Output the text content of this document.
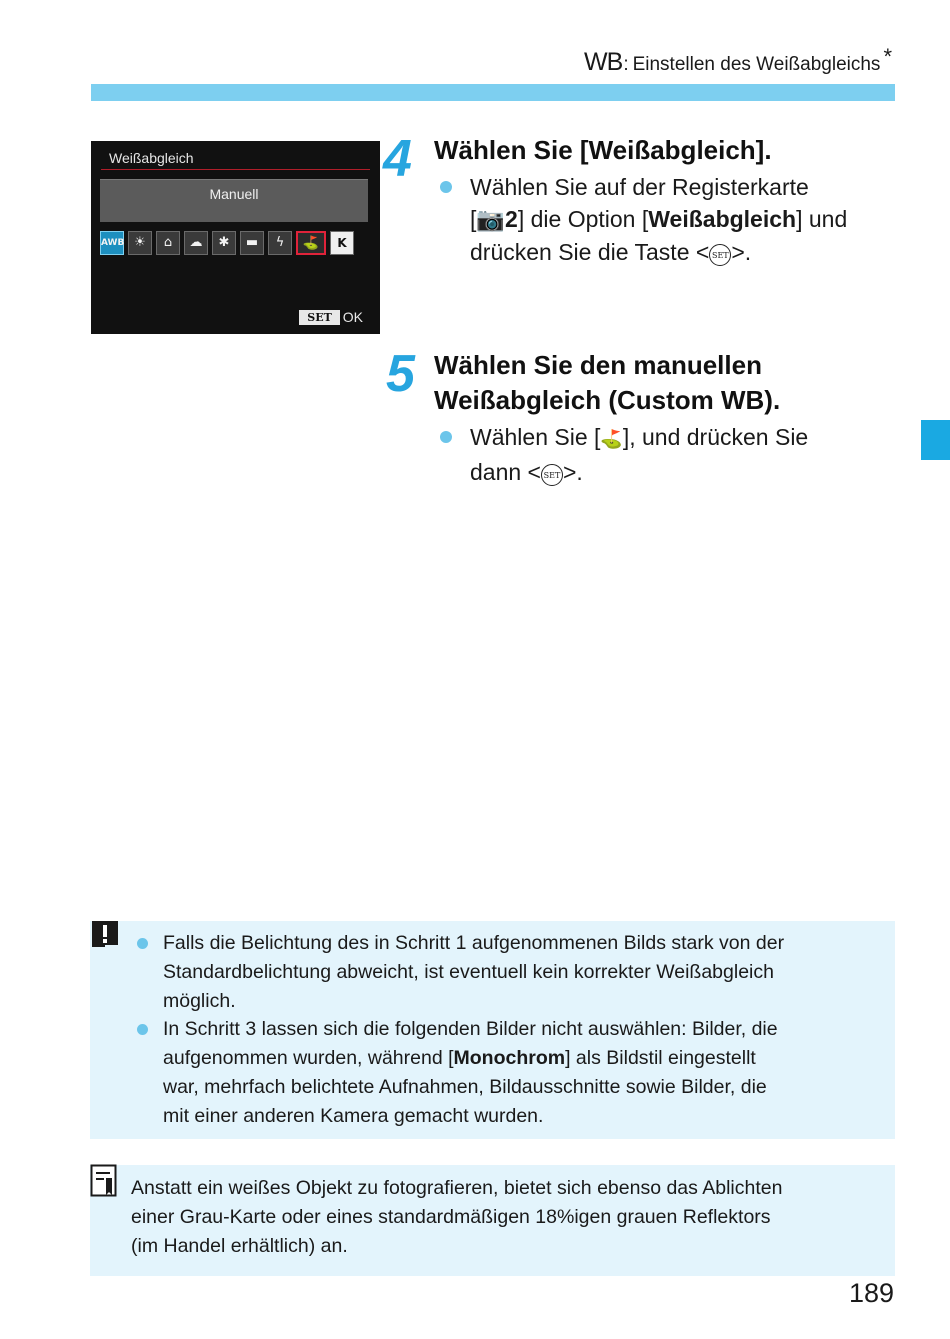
WB : Einstellen des Weißabgleichs *
Weißabgleich
Manuell
AWB ☀	⌂	☁	✱	▬	ϟ	⛳	K
SET OK
4 Wählen Sie [Weißabgleich].
Wählen Sie auf der Registerkarte
[📷2] die Option [Weißabgleich] und
drücken Sie die Taste < SET >.
5 Wählen Sie den manuellen
Weißabgleich (Custom WB).
Wählen Sie [⛳], und drücken Sie
dann < SET >.
Falls die Belichtung des in Schritt 1 aufgenommenen Bilds stark von der
Standardbelichtung abweicht, ist eventuell kein korrekter Weißabgleich
möglich.
In Schritt 3 lassen sich die folgenden Bilder nicht auswählen: Bilder, die
aufgenommen wurden, während [Monochrom] als Bildstil eingestellt
war, mehrfach belichtete Aufnahmen, Bildausschnitte sowie Bilder, die
mit einer anderen Kamera gemacht wurden.
Anstatt ein weißes Objekt zu fotografieren, bietet sich ebenso das Ablichten
einer Grau-Karte oder eines standardmäßigen 18%igen grauen Reflektors
(im Handel erhältlich) an.
189
